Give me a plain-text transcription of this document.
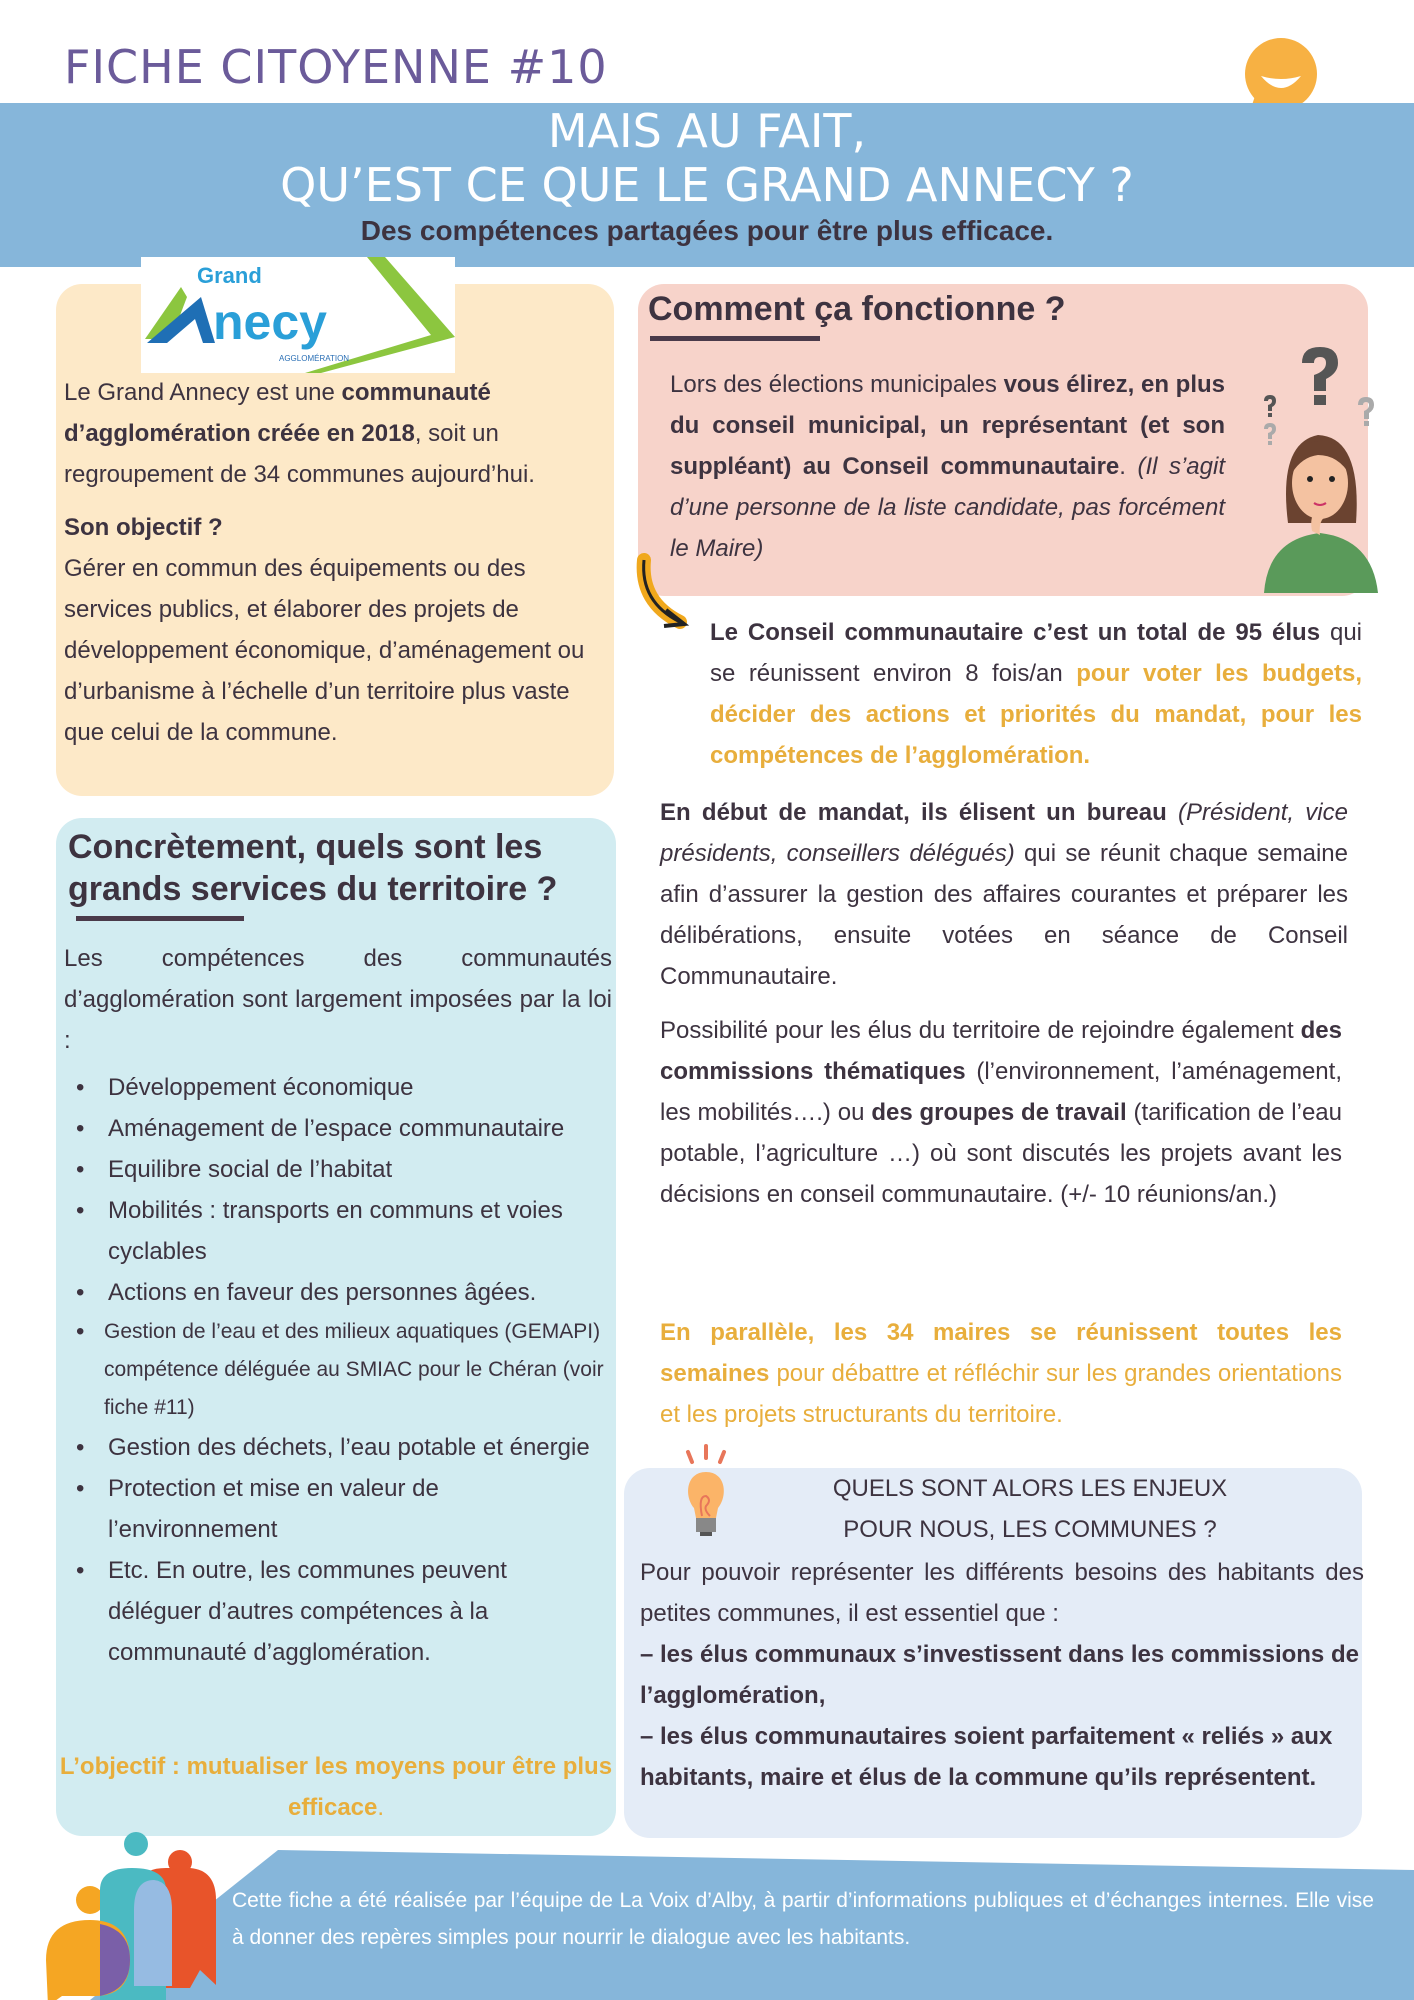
FICHE CITOYENNE #10
MAIS AU FAIT,
QU’EST CE QUE LE GRAND ANNECY ?
Des compétences partagées pour être plus efficace.
Grand
necy
AGGLOMÉRATION

Le Grand Annecy est une communauté d’agglomération créée en 2018, soit un regroupement de 34 communes aujourd’hui.

Son objectif ?

Gérer en commun des équipements ou des services publics, et élaborer des projets de développement économique, d’aménagement ou d’urbanisme à l’échelle d’un territoire plus vaste que celui de la commune.

Comment ça fonctionne ?
Lors des élections municipales vous élirez, en plus du conseil municipal, un représentant (et son suppléant) au Conseil communautaire. (Il s’agit d’une personne de la liste candidate, pas forcément le Maire)
Le Conseil communautaire c’est un total de 95 élus qui se réunissent environ 8 fois/an pour voter les budgets, décider des actions et priorités du mandat, pour les compétences de l’agglomération.
En début de mandat, ils élisent un bureau (Président, vice présidents, conseillers délégués) qui se réunit chaque semaine afin d’assurer la gestion des affaires courantes et préparer les délibérations, ensuite votées en séance de Conseil Communautaire.
Possibilité pour les élus du territoire de rejoindre également des commissions thématiques (l’environnement, l’aménagement, les mobilités….) ou des groupes de travail (tarification de l’eau potable, l’agriculture …) où sont discutés les projets avant les décisions en conseil communautaire. (+/- 10 réunions/an.)
En parallèle, les 34 maires se réunissent toutes les semaines pour débattre et réfléchir sur les grandes orientations et les projets structurants du territoire.
Concrètement, quels sont les grands services du territoire ?
Les compétences des communautés d’agglomération sont largement imposées par la loi :
• Développement économique
• Aménagement de l’espace communautaire
• Equilibre social de l’habitat
• Mobilités : transports en communs et voies cyclables
• Actions en faveur des personnes âgées.
• Gestion de l’eau et des milieux aquatiques (GEMAPI) compétence déléguée au SMIAC pour le Chéran (voir fiche #11)
• Gestion des déchets, l’eau potable et énergie
• Protection et mise en valeur de l’environnement
• Etc. En outre, les communes peuvent déléguer d’autres compétences à la communauté d’agglomération.
L’objectif : mutualiser les moyens pour être plus efficace.
QUELS SONT ALORS LES ENJEUX
POUR NOUS, LES COMMUNES ?

Pour pouvoir représenter les différents besoins des habitants des petites communes, il est essentiel que :

– les élus communaux s’investissent dans les commissions de l’agglomération,

– les élus communautaires soient parfaitement « reliés » aux habitants, maire et élus de la commune qu’ils représentent.

Cette fiche a été réalisée par l’équipe de La Voix d’Alby, à partir d’informations publiques et d’échanges internes. Elle vise à donner des repères simples pour nourrir le dialogue avec les habitants.
